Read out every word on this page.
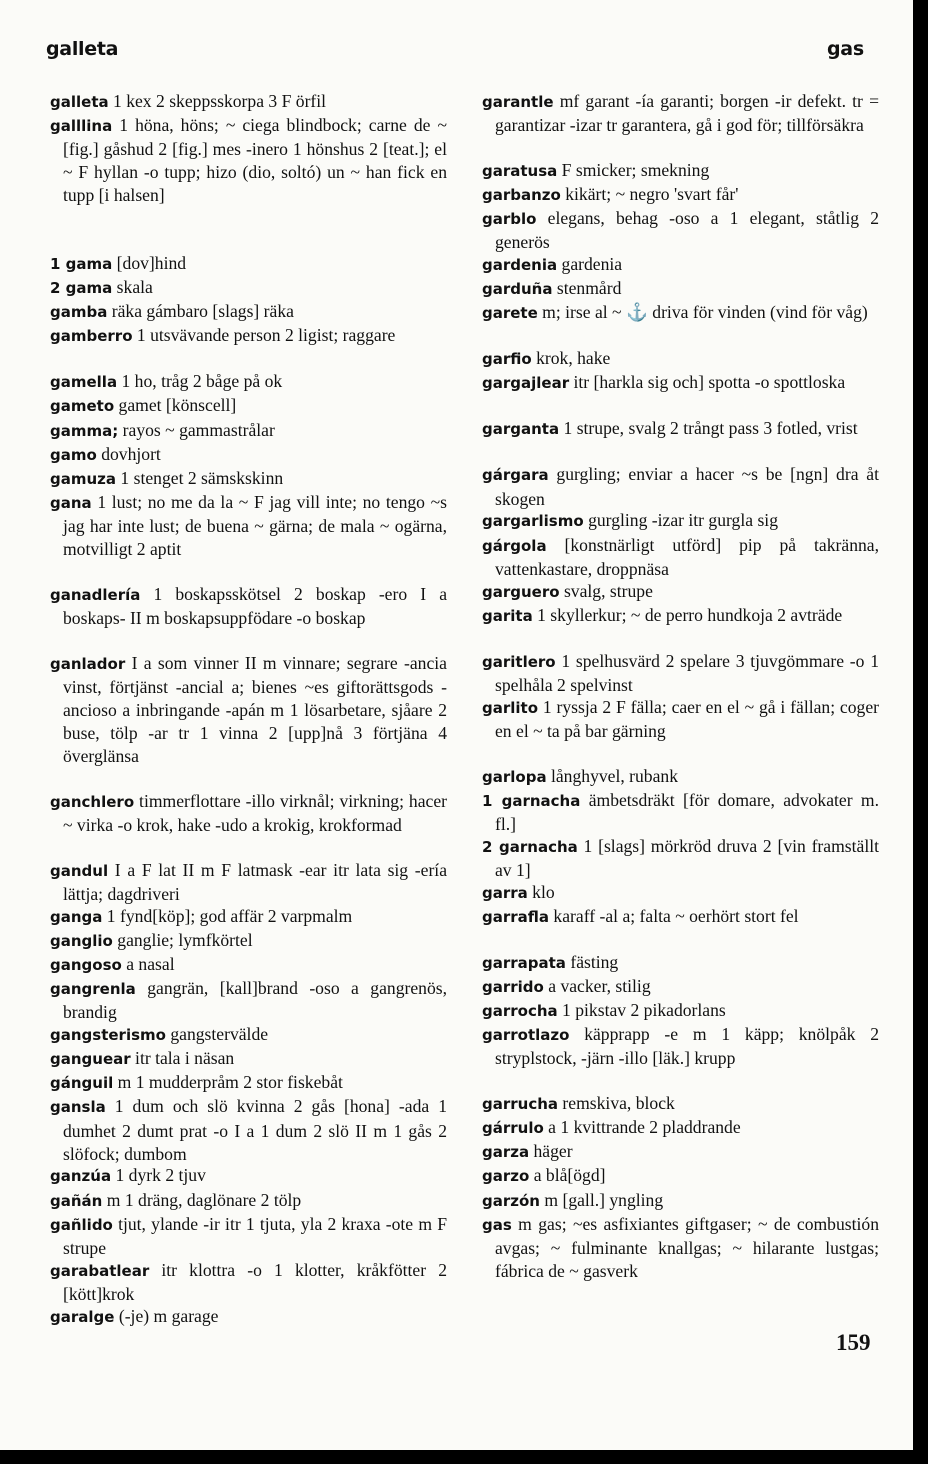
galleta	gas
galleta 1 kex 2 skeppsskorpa 3 F örfil
galllina 1 höna, höns; ~ ciega blindbock; carne de ~ [fig.] gåshud 2 [fig.] mes -inero 1 hönshus 2 [teat.]; el ~ F hyllan -o tupp; hizo (dio, soltó) un ~ han fick en tupp [i halsen]
1 gama [dov]hind
2 gama skala
gamba räka gámbaro [slags] räka
gamberro 1 utsvävande person 2 ligist; raggare
gamella 1 ho, tråg 2 båge på ok
gameto gamet [könscell]
gamma; rayos ~ gammastrålar
gamo dovhjort
gamuza 1 stenget 2 sämskskinn
gana 1 lust; no me da la ~ F jag vill inte; no tengo ~s jag har inte lust; de buena ~ gärna; de mala ~ ogärna, motvilligt 2 aptit
ganadlería 1 boskapsskötsel 2 boskap -ero I a boskaps- II m boskapsuppfödare -o boskap
ganlador I a som vinner II m vinnare; segrare -ancia vinst, förtjänst -ancial a; bienes ~es giftorättsgods -ancioso a inbringande -apán m 1 lösarbetare, sjåare 2 buse, tölp -ar tr 1 vinna 2 [upp]nå 3 förtjäna 4 överglänsa
ganchlero timmerflottare -illo virknål; virkning; hacer ~ virka -o krok, hake -udo a krokig, krokformad
gandul I a F lat II m F latmask -ear itr lata sig -ería lättja; dagdriveri
ganga 1 fynd[köp]; god affär 2 varpmalm
ganglio ganglie; lymfkörtel
gangoso a nasal
gangrenla gangrän, [kall]brand -oso a gangrenös, brandig
gangsterismo gangstervälde
ganguear itr tala i näsan
gánguil m 1 mudderpråm 2 stor fiskebåt
gansla 1 dum och slö kvinna 2 gås [hona] -ada 1 dumhet 2 dumt prat -o I a 1 dum 2 slö II m 1 gås 2 slöfock; dumbom
ganzúa 1 dyrk 2 tjuv
gañán m 1 dräng, daglönare 2 tölp
gañlido tjut, ylande -ir itr 1 tjuta, yla 2 kraxa -ote m F strupe
garabatlear itr klottra -o 1 klotter, kråkfötter 2 [kött]krok
garalge (-je) m garage
garantle mf garant -ía garanti; borgen -ir defekt. tr = garantizar -izar tr garantera, gå i god för; tillförsäkra
garatusa F smicker; smekning
garbanzo kikärt; ~ negro 'svart får'
garblo elegans, behag -oso a 1 elegant, ståtlig 2 generös
gardenia gardenia
garduña stenmård
garete m; irse al ~ ⚓ driva för vinden (vind för våg)
garfio krok, hake
gargajlear itr [harkla sig och] spotta -o spottloska
garganta 1 strupe, svalg 2 trångt pass 3 fotled, vrist
gárgara gurgling; enviar a hacer ~s be [ngn] dra åt skogen
gargarlismo gurgling -izar itr gurgla sig
gárgola [konstnärligt utförd] pip på takränna, vattenkastare, droppnäsa
garguero svalg, strupe
garita 1 skyllerkur; ~ de perro hundkoja 2 avträde
garitlero 1 spelhusvärd 2 spelare 3 tjuvgömmare -o 1 spelhåla 2 spelvinst
garlito 1 ryssja 2 F fälla; caer en el ~ gå i fällan; coger en el ~ ta på bar gärning
garlopa långhyvel, rubank
1 garnacha ämbetsdräkt [för domare, advokater m. fl.]
2 garnacha 1 [slags] mörkröd druva 2 [vin framställt av 1]
garra klo
garrafla karaff -al a; falta ~ oerhört stort fel
garrapata fästing
garrido a vacker, stilig
garrocha 1 pikstav 2 pikadorlans
garrotlazo käpprapp -e m 1 käpp; knölpåk 2 stryplstock, -järn -illo [läk.] krupp
garrucha remskiva, block
gárrulo a 1 kvittrande 2 pladdrande
garza häger
garzo a blå[ögd]
garzón m [gall.] yngling
gas m gas; ~es asfixiantes giftgaser; ~ de combustión avgas; ~ fulminante knallgas; ~ hilarante lustgas; fábrica de ~ gasverk
159
